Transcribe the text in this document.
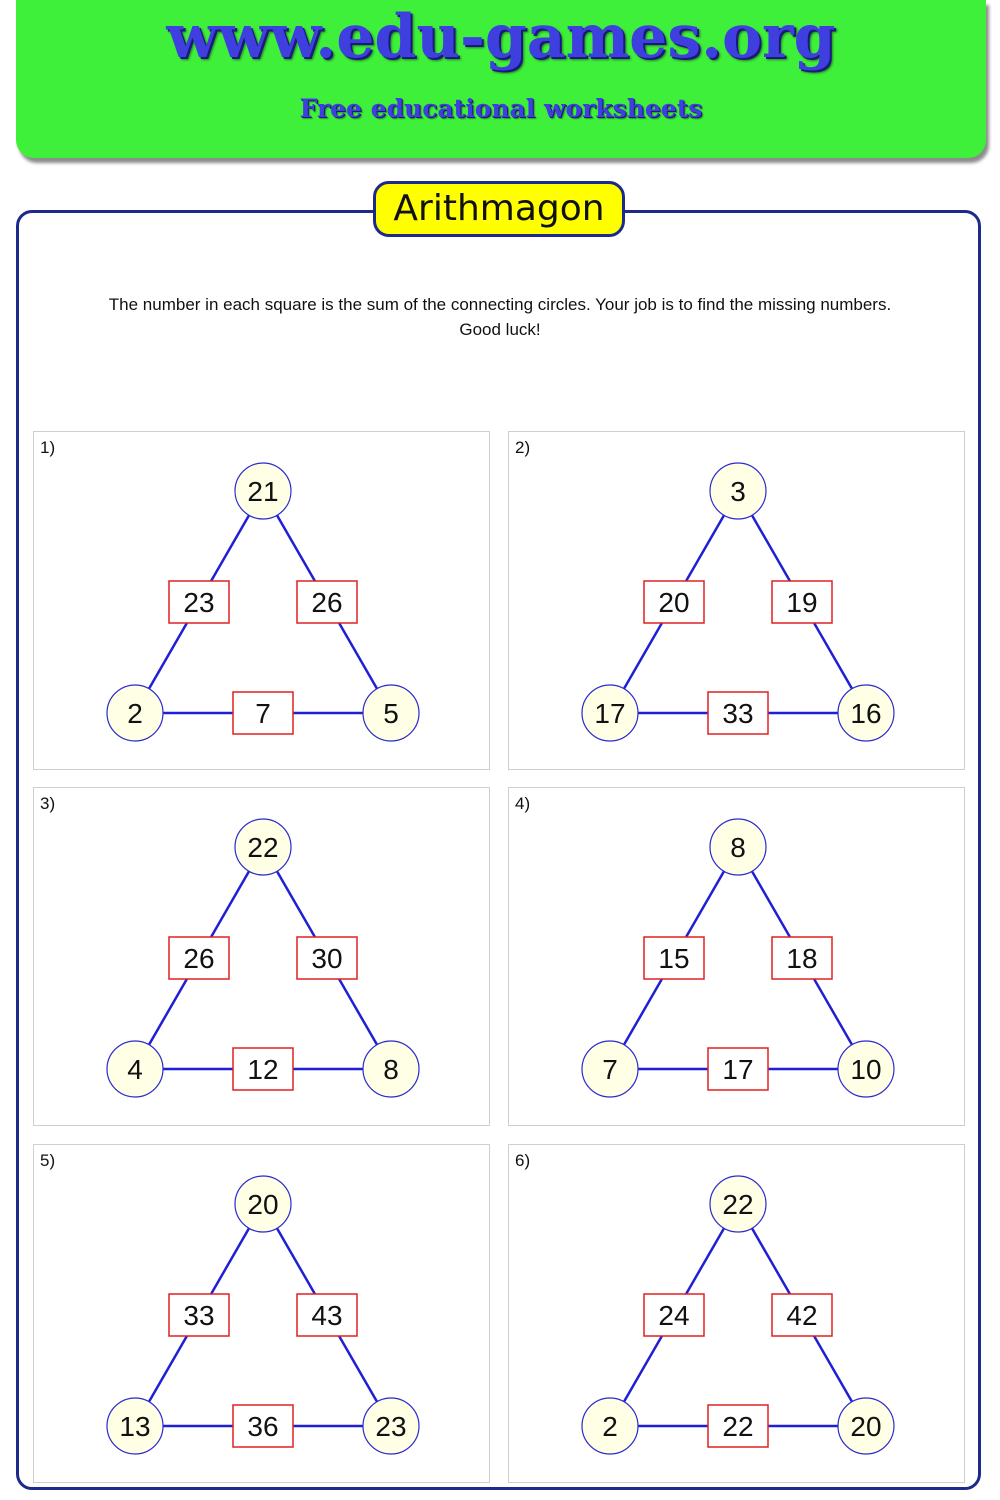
www.edu-games.org
Free educational worksheets
Arithmagon
The number in each square is the sum of the connecting circles. Your job is to find the missing numbers.
Good luck!
1)
23	26
7
21
2	5
2)
20	19
33
3
17	16
3)
26	30
12
22
4	8
4)
15	18
17
8
7	10
5)
33	43
36
20
13	23
6)
24	42
22
22
2	20
